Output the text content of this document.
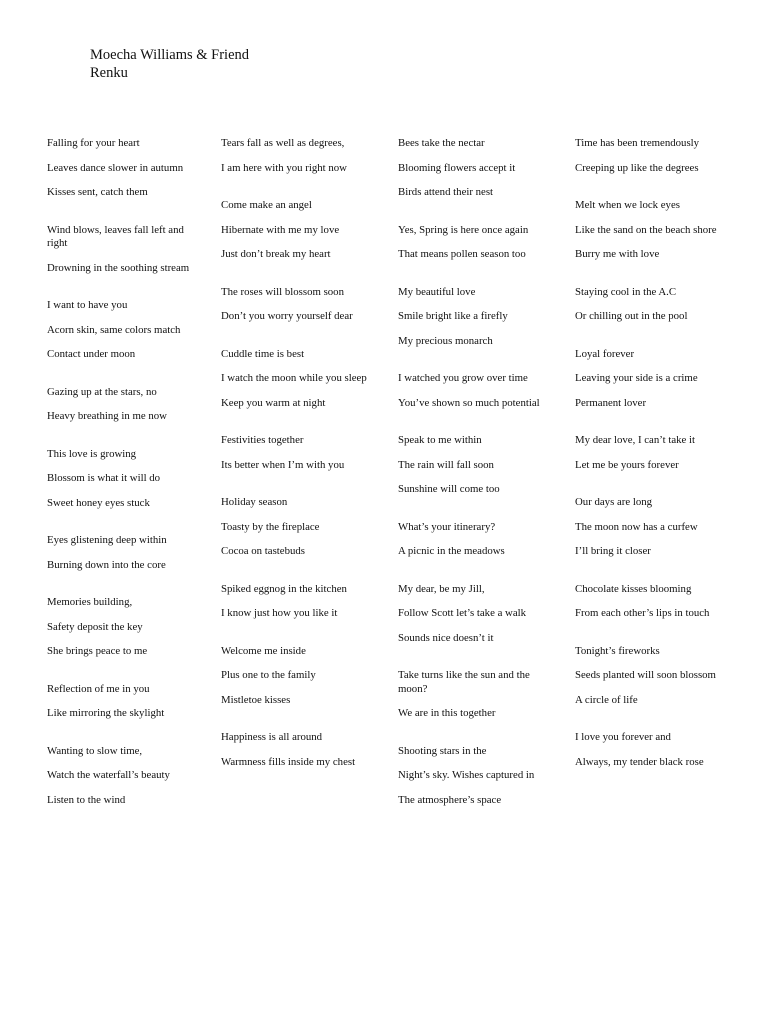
Moecha Williams & Friend
Renku
Falling for your heart
Leaves dance slower in autumn
Kisses sent, catch them
Wind blows, leaves fall left and right
Drowning in the soothing stream
I want to have you
Acorn skin, same colors match
Contact under moon
Gazing up at the stars, no
Heavy breathing in me now
This love is growing
Blossom is what it will do
Sweet honey eyes stuck
Eyes glistening deep within
Burning down into the core
Memories building,
Safety deposit the key
She brings peace to me
Reflection of me in you
Like mirroring the skylight
Wanting to slow time,
Watch the waterfall’s beauty
Listen to the wind
Tears fall as well as degrees,
I am here with you right now
Come make an angel
Hibernate with me my love
Just don’t break my heart
The roses will blossom soon
Don’t you worry yourself dear
Cuddle time is best
I watch the moon while you sleep
Keep you warm at night
Festivities together
Its better when I’m with you
Holiday season
Toasty by the fireplace
Cocoa on tastebuds
Spiked eggnog in the kitchen
I know just how you like it
Welcome me inside
Plus one to the family
Mistletoe kisses
Happiness is all around
Warmness fills inside my chest
Bees take the nectar
Blooming flowers accept it
Birds attend their nest
Yes, Spring is here once again
That means pollen season too
My beautiful love
Smile bright like a firefly
My precious monarch
I watched you grow over time
You’ve shown so much potential
Speak to me within
The rain will fall soon
Sunshine will come too
What’s your itinerary?
A picnic in the meadows
My dear, be my Jill,
Follow Scott let’s take a walk
Sounds nice doesn’t it
Take turns like the sun and the moon?
We are in this together
Shooting stars in the
Night’s sky. Wishes captured in
The atmosphere’s space
Time has been tremendously
Creeping up like the degrees
Melt when we lock eyes
Like the sand on the beach shore
Burry me with love
Staying cool in the A.C
Or chilling out in the pool
Loyal forever
Leaving your side is a crime
Permanent lover
My dear love, I can’t take it
Let me be yours forever
Our days are long
The moon now has a curfew
I’ll bring it closer
Chocolate kisses blooming
From each other’s lips in touch
Tonight’s fireworks
Seeds planted will soon blossom
A circle of life
I love you forever and
Always, my tender black rose
